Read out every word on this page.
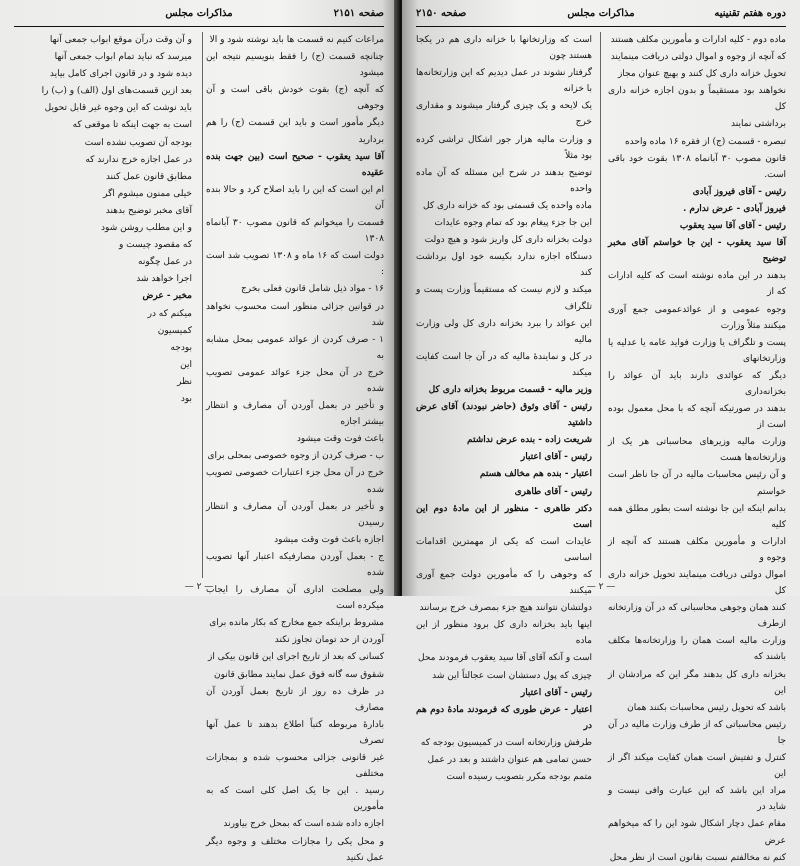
صفحه ۲۱۵۱
مذاکرات مجلس

مراعات کنیم نه قسمت ها باید نوشته شود و الا

چنانچه قسمت (ج) را فقط بنویسیم نتیجه این میشود

که آنچه (ج) بقوت خودش باقی است و آن وجوهی

دیگر مأمور است و باید این قسمت (ج) را هم بردارید

آقا سید یعقوب - صحیح است (بین جهت بنده عقیده

ام این است که این را باید اصلاح کرد و حالا بنده آن

قسمت را میخوانم که قانون مصوب ۳۰ آبانماه ۱۳۰۸

دولت است که ۱۶ ماه و ۱۳۰۸ تصویب شد است :

۱۶ - مواد ذیل شامل قانون فعلی بخرج

در قوانین جزائی منظور است محسوب نخواهد شد

۱ - صرف کردن از عوائد عمومی بمحل مشابه به

خرج در آن محل جزء عوائد عمومی تصویب شده

و تأخیر در بعمل آوردن آن مصارف و انتظار بیشتر اجازه

باعث فوت وقت میشود

ب - صرف کردن از وجوه خصوصی بمحلی برای

خرج در آن محل جزء اعتبارات خصوصی تصویب شده

و تأخیر در بعمل آوردن آن مصارف و انتظار رسیدن

اجازه باعث فوت وقت میشود

ج - بعمل آوردن مصارفیکه اعتبار آنها تصویب شده

ولی مصلحت اداری آن مصارف را ایجاب میکرده است

مشروط براینکه جمع مخارج که بکار مانده برای

آوردن از حد تومان تجاوز نکند

کسانی که بعد از تاریخ اجرای این قانون بیکی از

شقوق سه گانه فوق عمل نمایند مطابق قانون

در ظرف ده روز از تاریخ بعمل آوردن آن مصارف

بادارهٔ مربوطه کتباً اطلاع بدهند تا عمل آنها تصرف

غیر قانونی جزائی محسوب شده و بمجازات مختلفی

رسید . این جا یک اصل کلی است که به مأمورین

اجازه داده شده است که بمحل خرج بیاورند

و محل یکی را مجازات مختلف و وجوه دیگر عمل نکنید

و آن وقت درآن موقع ابواب جمعی آنها

میرسد که نباید تمام ابواب جمعی آنها

دیده شود و در قانون اجرای کامل بیاید

بعد ازین قسمت‌های اول (الف) و (ب) را

باید نوشت که این وجوه غیر قابل تحویل

است به جهت اینکه تا موقعی که

بودجه آن تصویب نشده است

در عمل اجازه خرج ندارند که

مطابق قانون عمل کنند

خیلی ممنون میشوم اگر

آقای مخبر توضیح بدهند

و این مطلب روشن شود

که مقصود چیست و

در عمل چگونه

اجرا خواهد شد

مخبر - عرض

میکنم که در

کمیسیون

بودجه

این

نظر

بود

— ۲ —
دوره هفتم تقنینیه
مذاکرات مجلس
صفحه ۲۱۵۰

ماده دوم - کلیه ادارات و مأمورین مکلف هستند

که آنچه از وجوه و اموال دولتی دریافت مینمایند

تحویل خزانه داری کل کنند و بهیچ عنوان مجاز

نخواهند بود مستقیماً و بدون اجازه خزانه داری کل

برداشتی نمایند

تبصره - قسمت (ج) از فقره ۱۶ ماده واحده

قانون مصوب ۳۰ آبانماه ۱۳۰۸ بقوت خود باقی است.

رئیس - آقای فیروز آبادی

فیروز آبادی - عرض ندارم .

رئیس - آقای آقا سید یعقوب

آقا سید یعقوب - این جا خواستم آقای مخبر توضیح

بدهند در این ماده نوشته است که کلیه ادارات که از

وجوه عمومی و از عوائدعمومی جمع آوری میکنند مثلاً وزارت

پست و تلگراف یا وزارت فواید عامه یا عدلیه یا وزارتخانهای

دیگر که عوائدی دارند باید آن عوائد را بخزانه‌داری

بدهند در صورتیکه آنچه که با محل معمول بوده است از

وزارت مالیه وزیرهای محاسباتی هر یک از وزارتخانه‌ها هست

و آن رئیس محاسبات مالیه در آن جا ناظر است خواستم

بدانم اینکه این جا نوشته است بطور مطلق همه کلیه

ادارات و مأمورین مکلف هستند که آنچه از وجوه و

اموال دولتی دریافت مینمایند تحویل خزانه داری کل

کنند همان وجوهی محاسباتی که در آن وزارتخانه ازطرف

وزارت مالیه است همان را وزارتخانه‌ها مکلف باشند که

بخزانه داری کل بدهند مگر این که مرادشان از این

باشد که تحویل رئیس محاسبات بکنند همان

رئیس محاسباتی که از طرف وزارت مالیه در آن جا

کنترل و تفتیش است همان کفایت میکند اگر از این

مراد این باشد که این عبارت وافی نیست و شاید در

مقام عمل دچار اشکال شود این را که میخواهم عرض

کنم نه مخالفتم نسبت بقانون است از نظر محل

است که وزارتخانها با خزانه داری هم در یکجا هستند چون

گرفتار نشوند در عمل دیدیم که این وزارتخانه‌ها با خزانه

یک لایحه و یک چیزی گرفتار میشوند و مقداری خرج

و وزارت مالیه هزار جور اشکال تراشی کرده بود مثلاً

توضیح بدهند در شرح این مسئله که آن ماده واحده

ماده واحده یک قسمتی بود که خزانه داری کل

این جا جزء پیغام بود که تمام وجوه عایدات

دولت بخزانه داری کل واریز شود و هیچ دولت

دستگاه اجازه ندارد بکیسه خود اول برداشت کند

میکند و لازم نیست که مستقیماً وزارت پست و تلگراف

این عوائد را ببرد بخزانه داری کل ولی وزارت مالیه

در کل و نمایندهٔ مالیه که در آن جا است کفایت میکند

وزیر مالیه - قسمت مربوط بخزانه داری کل

رئیس - آقای وثوق (حاضر نبودند) آقای عرض داشتید

شریعت زاده - بنده عرض نداشتم

رئیس - آقای اعتبار

اعتبار - بنده هم مخالف هستم

رئیس - آقای طاهری

دکتر طاهری - منظور از این مادهٔ دوم این است

عایدات است که یکی از مهمترین اقدامات اساسی

که وجوهی را که مأمورین دولت جمع آوری میکنند

دولتشان نتوانند هیچ جزء بمصرف خرج برسانند

اینها باید بخزانه داری کل برود منظور از این ماده

است و آنکه آقای آقا سید یعقوب فرمودند محل

چیزی که پول دستشان است عجالتاً این شد

رئیس - آقای اعتبار

اعتبار - عرض طوری که فرمودند مادهٔ دوم هم در

طرفش وزارتخانه است در کمیسیون بودجه که

حسن تمامی هم عنوان داشتند و بعد در عمل

متمم بودجه مکرر بتصویب رسیده است

— ۲ —
